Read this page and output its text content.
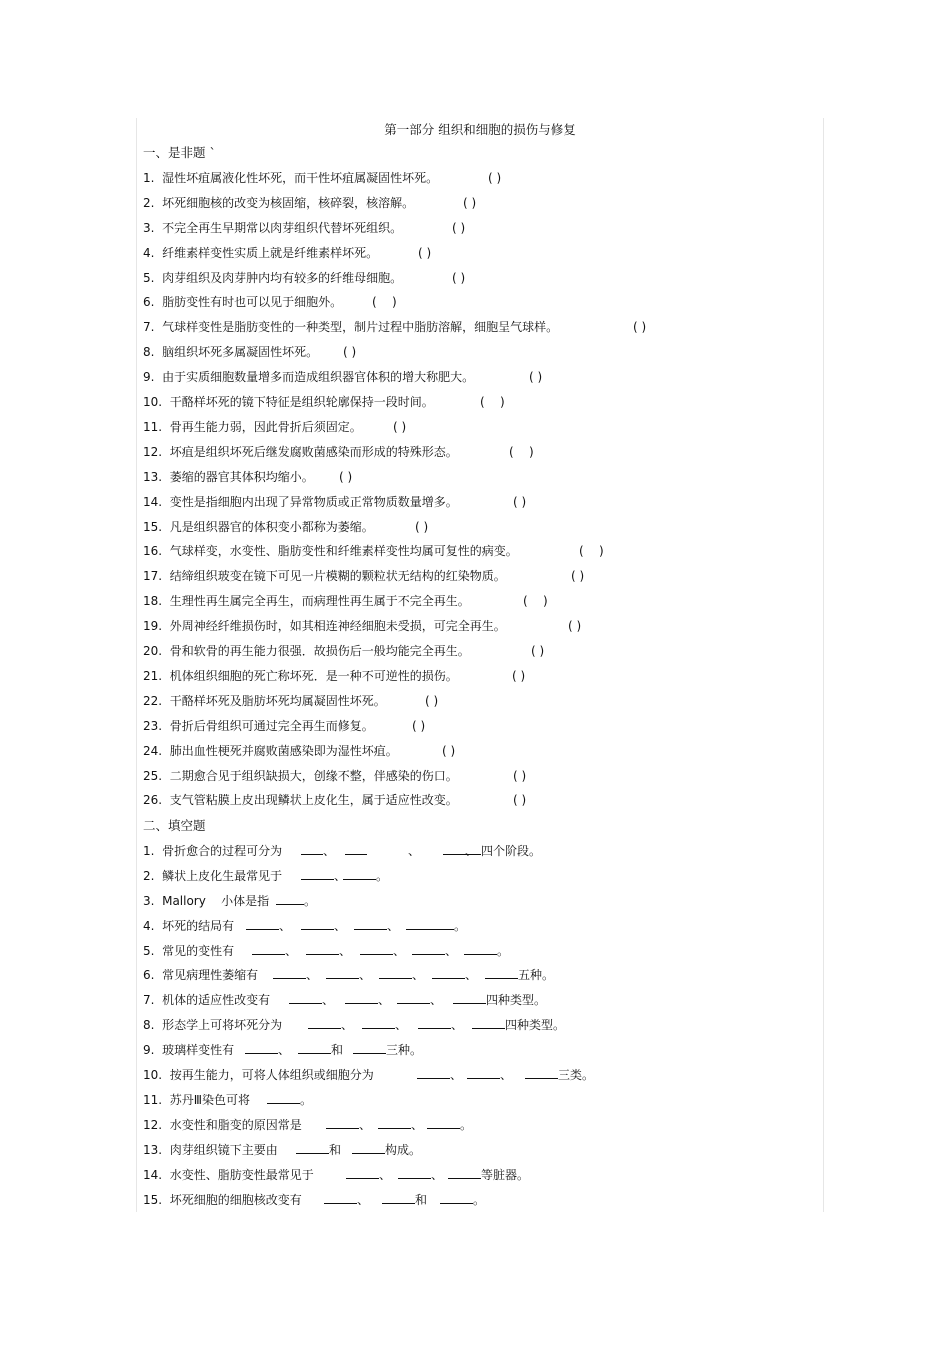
第一部分 组织和细胞的损伤与修复
一、是非题 `
1. 湿性坏疽属液化性坏死，而干性坏疽属凝固性坏死。	( )
2. 坏死细胞核的改变为核固缩，核碎裂，核溶解。	( )
3. 不完全再生早期常以肉芽组织代替坏死组织。	( )
4. 纤维素样变性实质上就是纤维素样坏死。	( )
5. 肉芽组织及肉芽肿内均有较多的纤维母细胞。	( )
6. 脂肪变性有时也可以见于细胞外。 (    )
7. 气球样变性是脂肪变性的一种类型，制片过程中脂肪溶解，细胞呈气球样。	( )
8. 脑组织坏死多属凝固性坏死。 ( )
9. 由于实质细胞数量增多而造成组织器官体积的增大称肥大。	( )
10. 干酪样坏死的镜下特征是组织轮廓保持一段时间。	(    )
11. 骨再生能力弱，因此骨折后须固定。	( )
12. 坏疽是组织坏死后继发腐败菌感染而形成的特殊形态。	(    )
13. 萎缩的器官其体积均缩小。 ( )
14. 变性是指细胞内出现了异常物质或正常物质数量增多。	( )
15. 凡是组织器官的体积变小都称为萎缩。	( )
16. 气球样变，水变性、脂肪变性和纤维素样变性均属可复性的病变。	(    )
17. 结缔组织玻变在镜下可见一片模糊的颗粒状无结构的红染物质。	( )
18. 生理性再生属完全再生，而病理性再生属于不完全再生。	(    )
19. 外周神经纤维损伤时，如其相连神经细胞未受损，可完全再生。	( )
20. 骨和软骨的再生能力很强．故损伤后一般均能完全再生。	( )
21. 机体组织细胞的死亡称坏死．是一种不可逆性的损伤。	( )
22. 干酪样坏死及脂肪坏死均属凝固性坏死。	( )
23. 骨折后骨组织可通过完全再生而修复。	( )
24. 肺出血性梗死并腐败菌感染即为湿性坏疽。	( )
25. 二期愈合见于组织缺损大，创缘不整，伴感染的伤口。	( )
26. 支气管粘膜上皮出现鳞状上皮化生，属于适应性改变。	( )
二、填空题
1. 骨折愈合的过程可分为	、	、	、 四个阶段。
2. 鳞状上皮化生最常见于	、	。
3. Mallory    小体是指	。
4. 坏死的结局有	、	、	、	。
5. 常见的变性有	、	、	、	、	。
6. 常见病理性萎缩有	、	、	、	、	五种。
7. 机体的适应性改变有	、	、	、	四种类型。
8. 形态学上可将坏死分为	、	、	、	四种类型。
9. 玻璃样变性有	、	和	三种。
10. 按再生能力，可将人体组织或细胞分为	、	、	三类。
11. 苏丹Ⅲ染色可将	。
12. 水变性和脂变的原因常是	、	、	。
13. 肉芽组织镜下主要由	和	构成。
14. 水变性、脂肪变性最常见于	、	、	等脏器。
15. 坏死细胞的细胞核改变有	、	和	。
